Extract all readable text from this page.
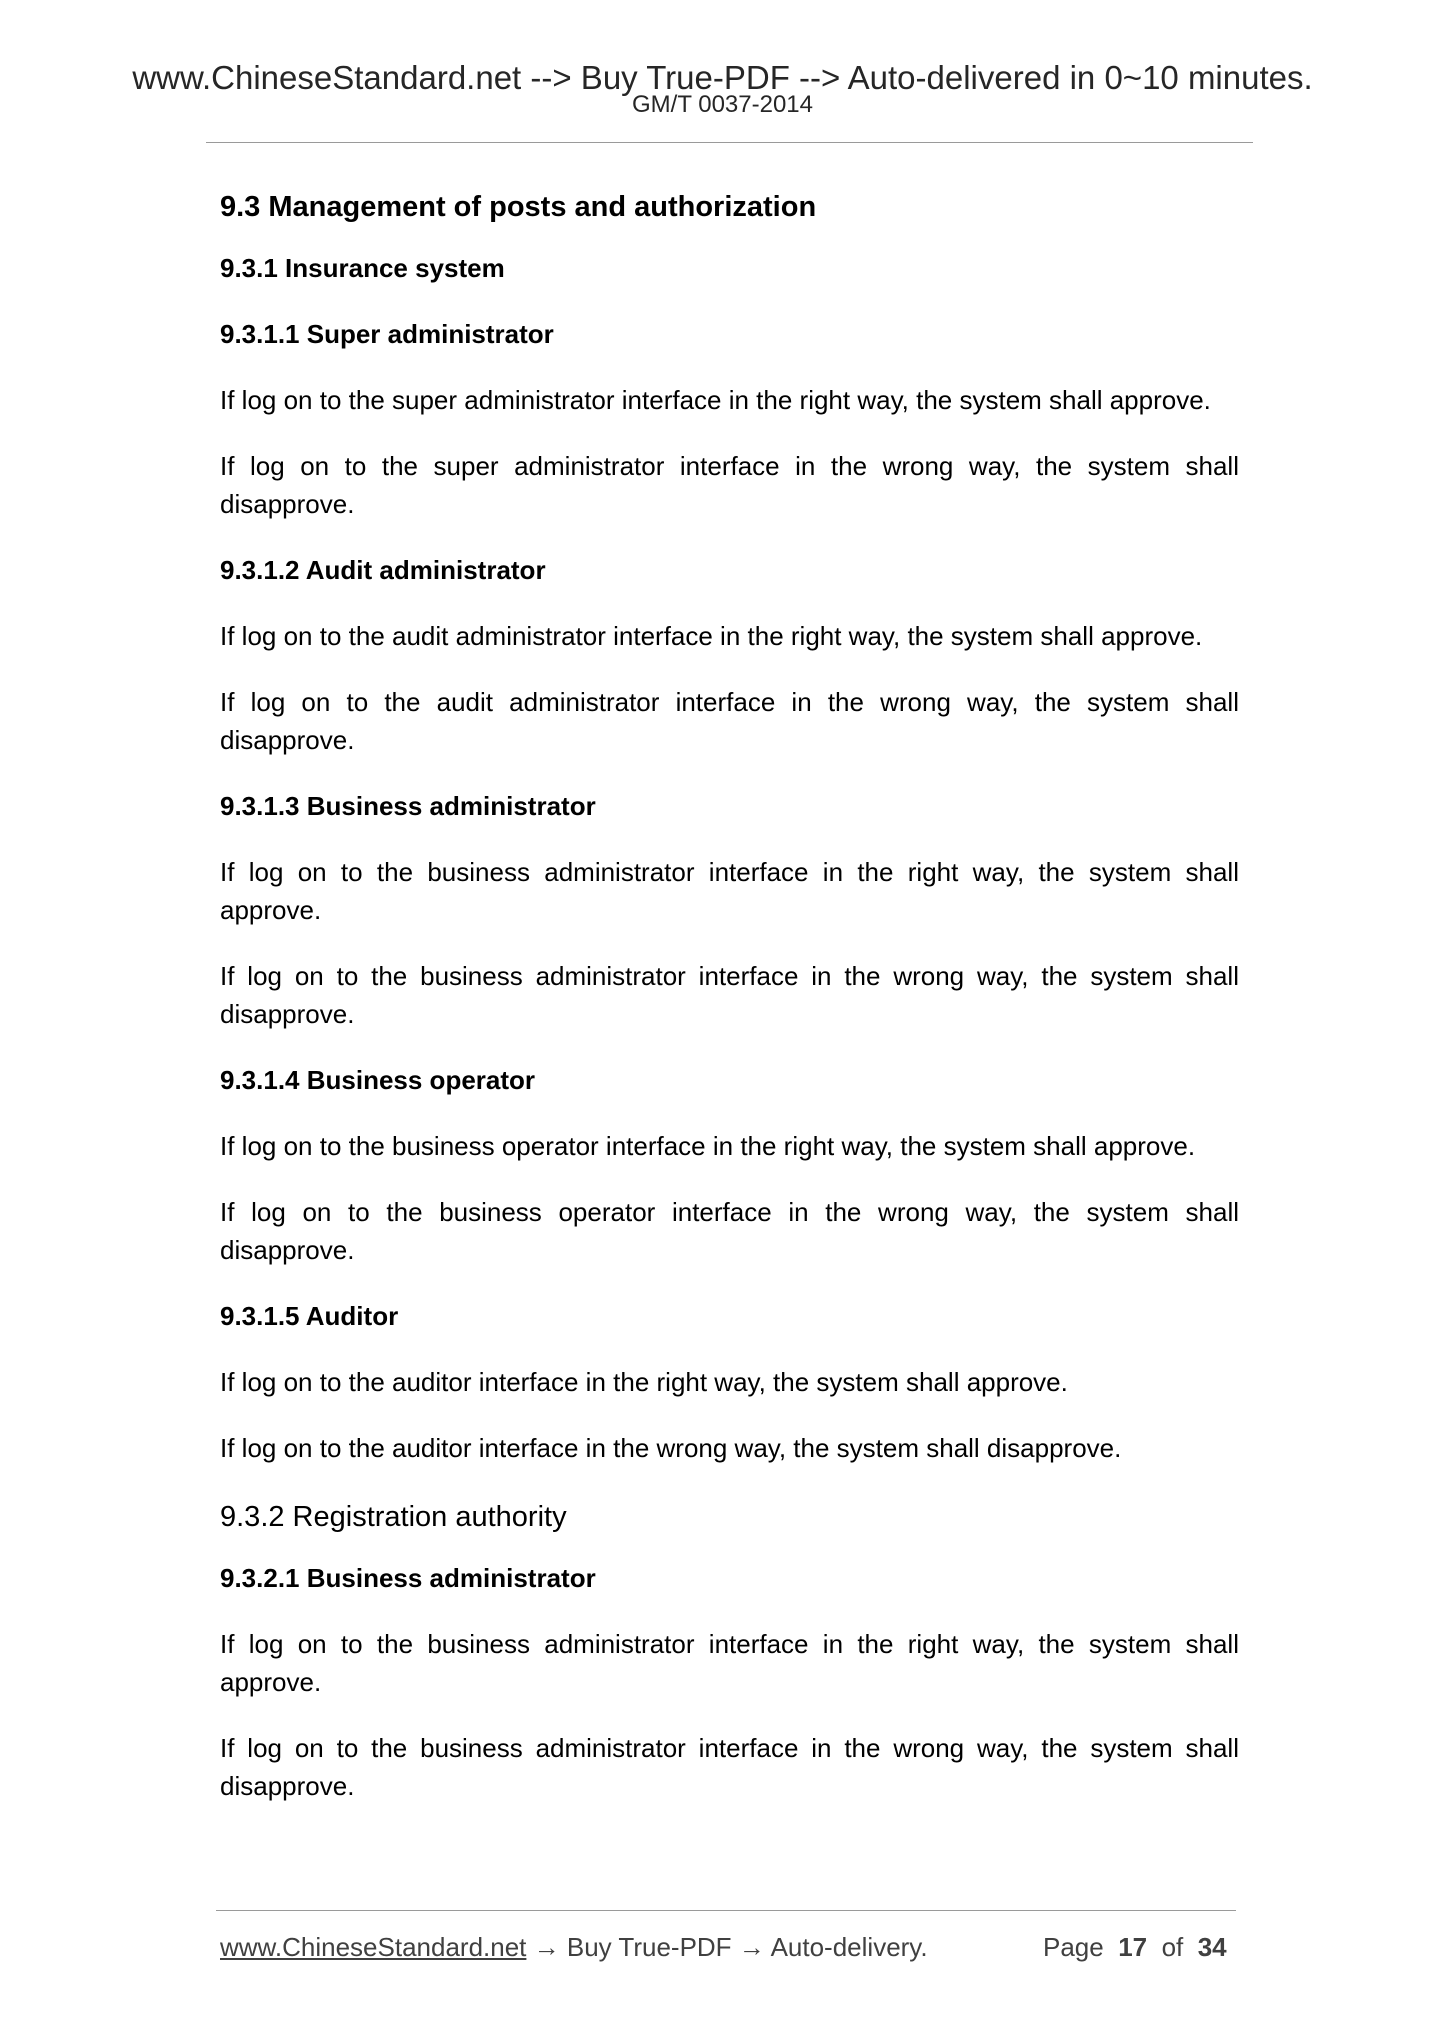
www.ChineseStandard.net --> Buy True-PDF --> Auto-delivered in 0~10 minutes.
GM/T 0037-2014
9.3 Management of posts and authorization
9.3.1 Insurance system
9.3.1.1 Super administrator
If log on to the super administrator interface in the right way, the system shall approve.
If log on to the super administrator interface in the wrong way, the system shall disapprove.
9.3.1.2 Audit administrator
If log on to the audit administrator interface in the right way, the system shall approve.
If log on to the audit administrator interface in the wrong way, the system shall disapprove.
9.3.1.3 Business administrator
If log on to the business administrator interface in the right way, the system shall approve.
If log on to the business administrator interface in the wrong way, the system shall disapprove.
9.3.1.4 Business operator
If log on to the business operator interface in the right way, the system shall approve.
If log on to the business operator interface in the wrong way, the system shall disapprove.
9.3.1.5 Auditor
If log on to the auditor interface in the right way, the system shall approve.
If log on to the auditor interface in the wrong way, the system shall disapprove.
9.3.2 Registration authority
9.3.2.1 Business administrator
If log on to the business administrator interface in the right way, the system shall approve.
If log on to the business administrator interface in the wrong way, the system shall disapprove.
www.ChineseStandard.net → Buy True-PDF → Auto-delivery.	Page 17 of 34
